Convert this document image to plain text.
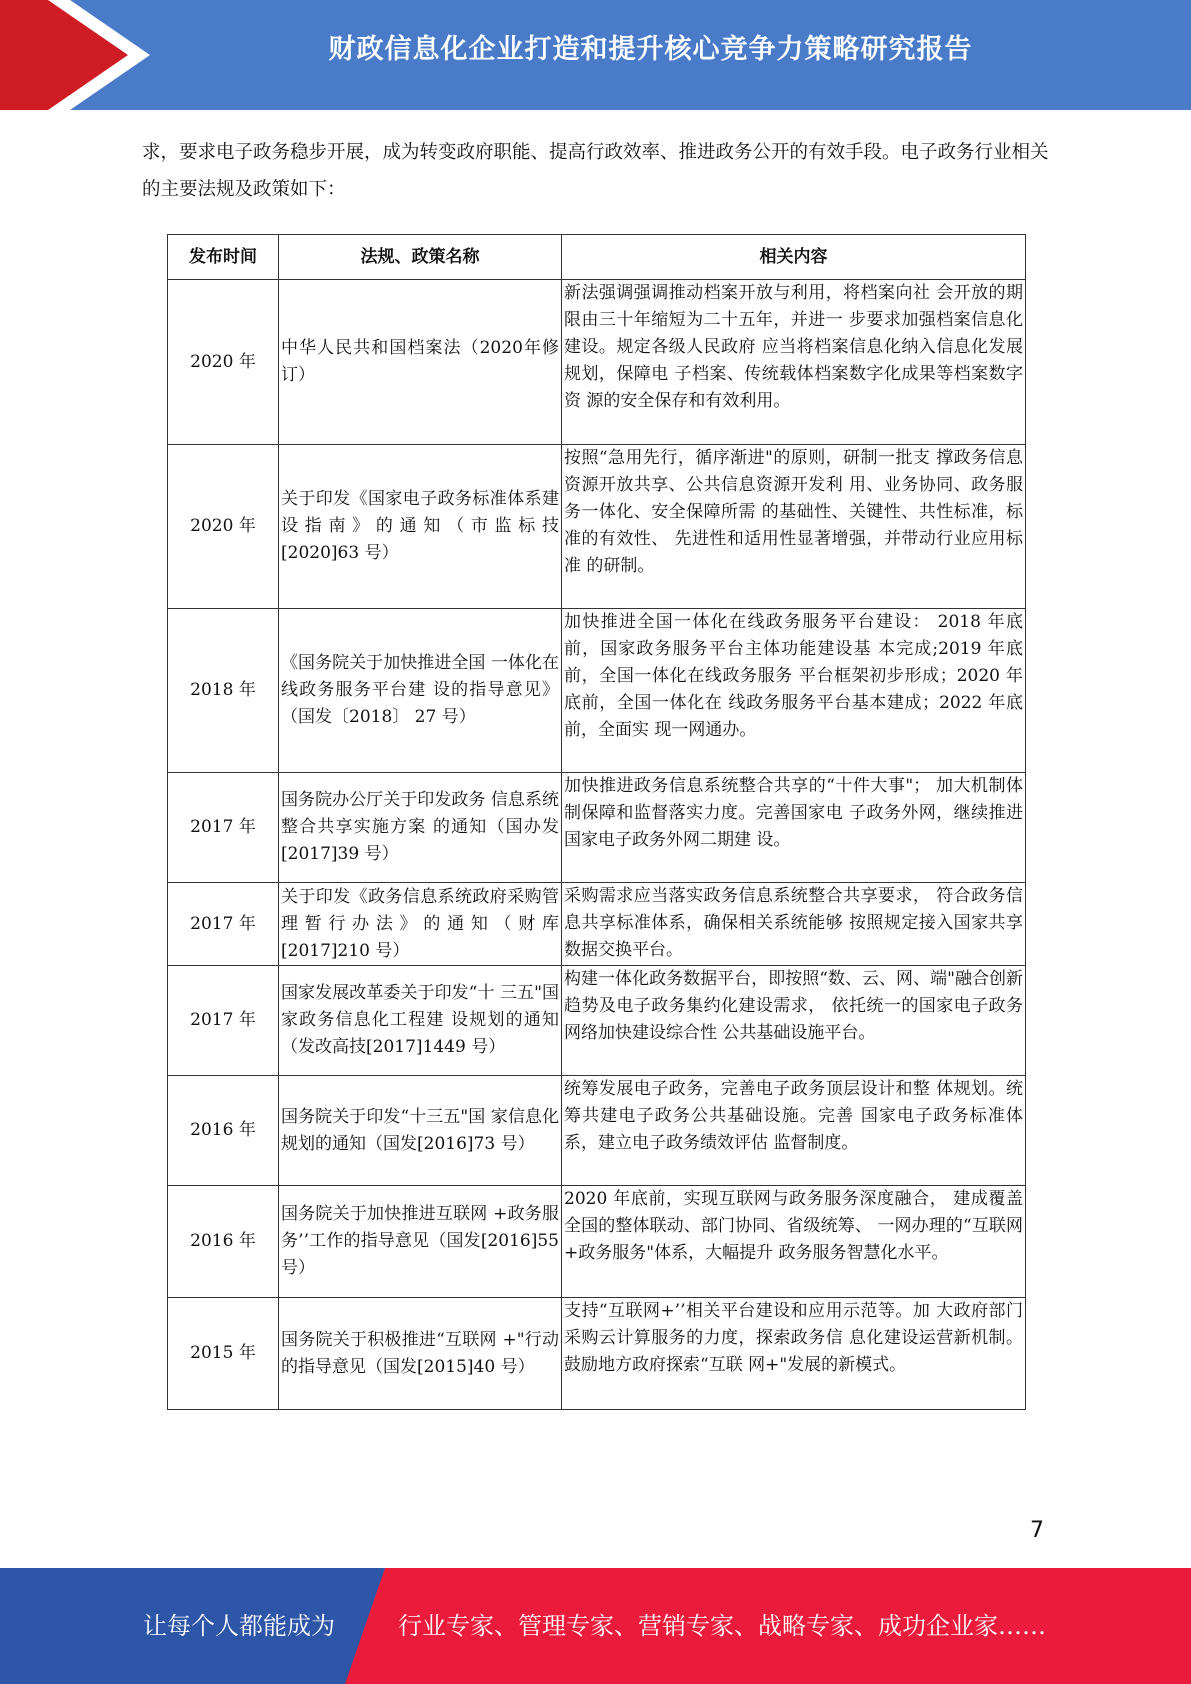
财政信息化企业打造和提升核心竞争力策略研究报告

求，要求电子政务稳步开展，成为转变政府职能、提高行政效率、推进政务公开的有效手段。电子政务行业相关的主要法规及政策如下：

发布时间	法规、政策名称	相关内容
2020 年	中华人民共和国档案法（2020年修订）	新法强调强调推动档案开放与利用，将档案向社 会开放的期限由三十年缩短为二十五年，并进一 步要求加强档案信息化建设。规定各级人民政府 应当将档案信息化纳入信息化发展规划，保障电 子档案、传统载体档案数字化成果等档案数字资 源的安全保存和有效利用。
2020 年	关于印发《国家电子政务标准体系建设指南》的通知（市监标技[2020]63 号）	按照“急用先行，循序渐进"的原则，研制一批支 撑政务信息资源开放共享、公共信息资源开发利 用、业务协同、政务服务一体化、安全保障所需 的基础性、关键性、共性标准，标准的有效性、 先进性和适用性显著增强，并带动行业应用标准 的研制。
2018 年	《国务院关于加快推进全国 一体化在线政务服务平台建 设的指导意见》（国发〔2018〕 27 号）	加快推进全国一体化在线政务服务平台建设： 2018 年底前，国家政务服务平台主体功能建设基 本完成;2019 年底前，全国一体化在线政务服务 平台框架初步形成；2020 年底前，全国一体化在 线政务服务平台基本建成；2022 年底前，全面实 现一网通办。
2017 年	国务院办公厅关于印发政务 信息系统整合共享实施方案 的通知（国办发[2017]39 号）	加快推进政务信息系统整合共享的“十件大事"； 加大机制体制保障和监督落实力度。完善国家电 子政务外网，继续推进国家电子政务外网二期建 设。
2017 年	关于印发《政务信息系统政府采购管理暂行办法》的通知（财库[2017]210 号）	采购需求应当落实政务信息系统整合共享要求， 符合政务信息共享标准体系，确保相关系统能够 按照规定接入国家共享数据交换平台。
2017 年	国家发展改革委关于印发“十 三五"国家政务信息化工程建 设规划的通知（发改高技[2017]1449 号）	构建一体化政务数据平台，即按照“数、云、网、端"融合创新趋势及电子政务集约化建设需求， 依托统一的国家电子政务网络加快建设综合性 公共基础设施平台。
2016 年	国务院关于印发“十三五"国 家信息化规划的通知（国发[2016]73 号）	统筹发展电子政务，完善电子政务顶层设计和整 体规划。统筹共建电子政务公共基础设施。完善 国家电子政务标准体系，建立电子政务绩效评估 监督制度。
2016 年	国务院关于加快推进互联网 +政务服务’’工作的指导意见（国发[2016]55 号）	2020 年底前，实现互联网与政务服务深度融合， 建成覆盖全国的整体联动、部门协同、省级统筹、 一网办理的“互联网+政务服务"体系，大幅提升 政务服务智慧化水平。
2015 年	国务院关于积极推进“互联网 +"行动的指导意见（国发[2015]40 号）	支持“互联网+’’相关平台建设和应用示范等。加 大政府部门采购云计算服务的力度，探索政务信 息化建设运营新机制。鼓励地方政府探索“互联 网+"发展的新模式。
7
让每个人都能成为	行业专家、管理专家、营销专家、战略专家、成功企业家……
